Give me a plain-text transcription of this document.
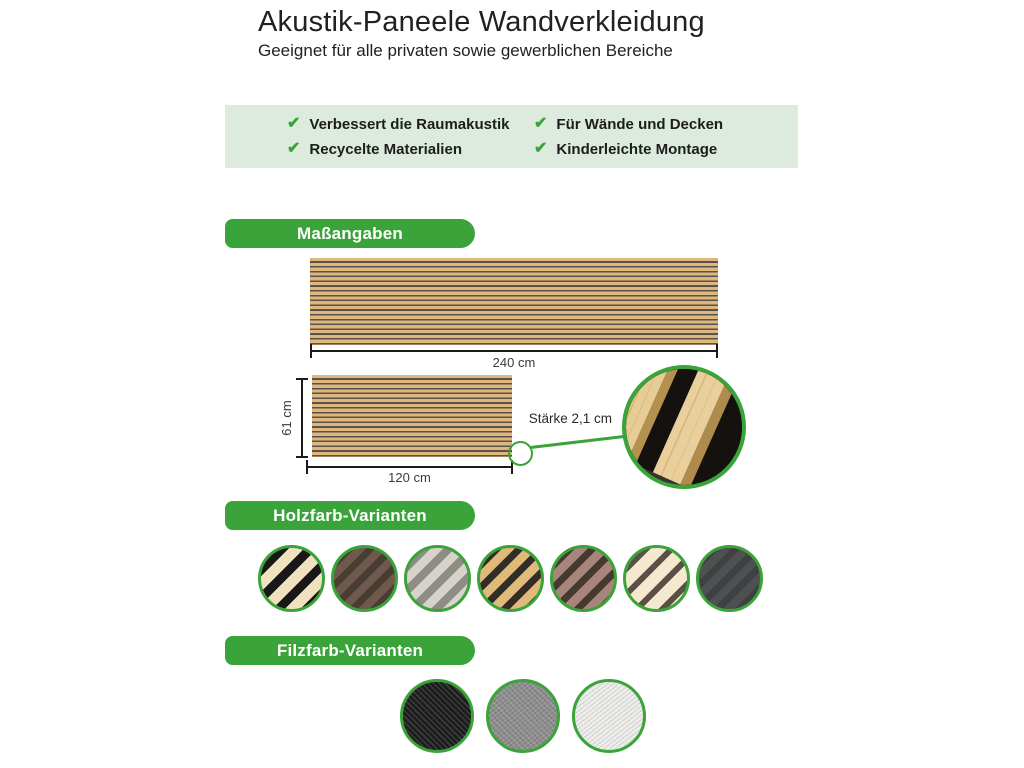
Akustik-Paneele Wandverkleidung
Geeignet für alle privaten sowie gewerblichen Bereiche
✔ Verbessert die Raumakustik ✔ Für Wände und Decken
✔ Recycelte Materialien	✔ Kinderleichte Montage
Maßangaben
240 cm
61 cm
120 cm
Stärke 2,1 cm
Holzfarb-Varianten
Filzfarb-Varianten
